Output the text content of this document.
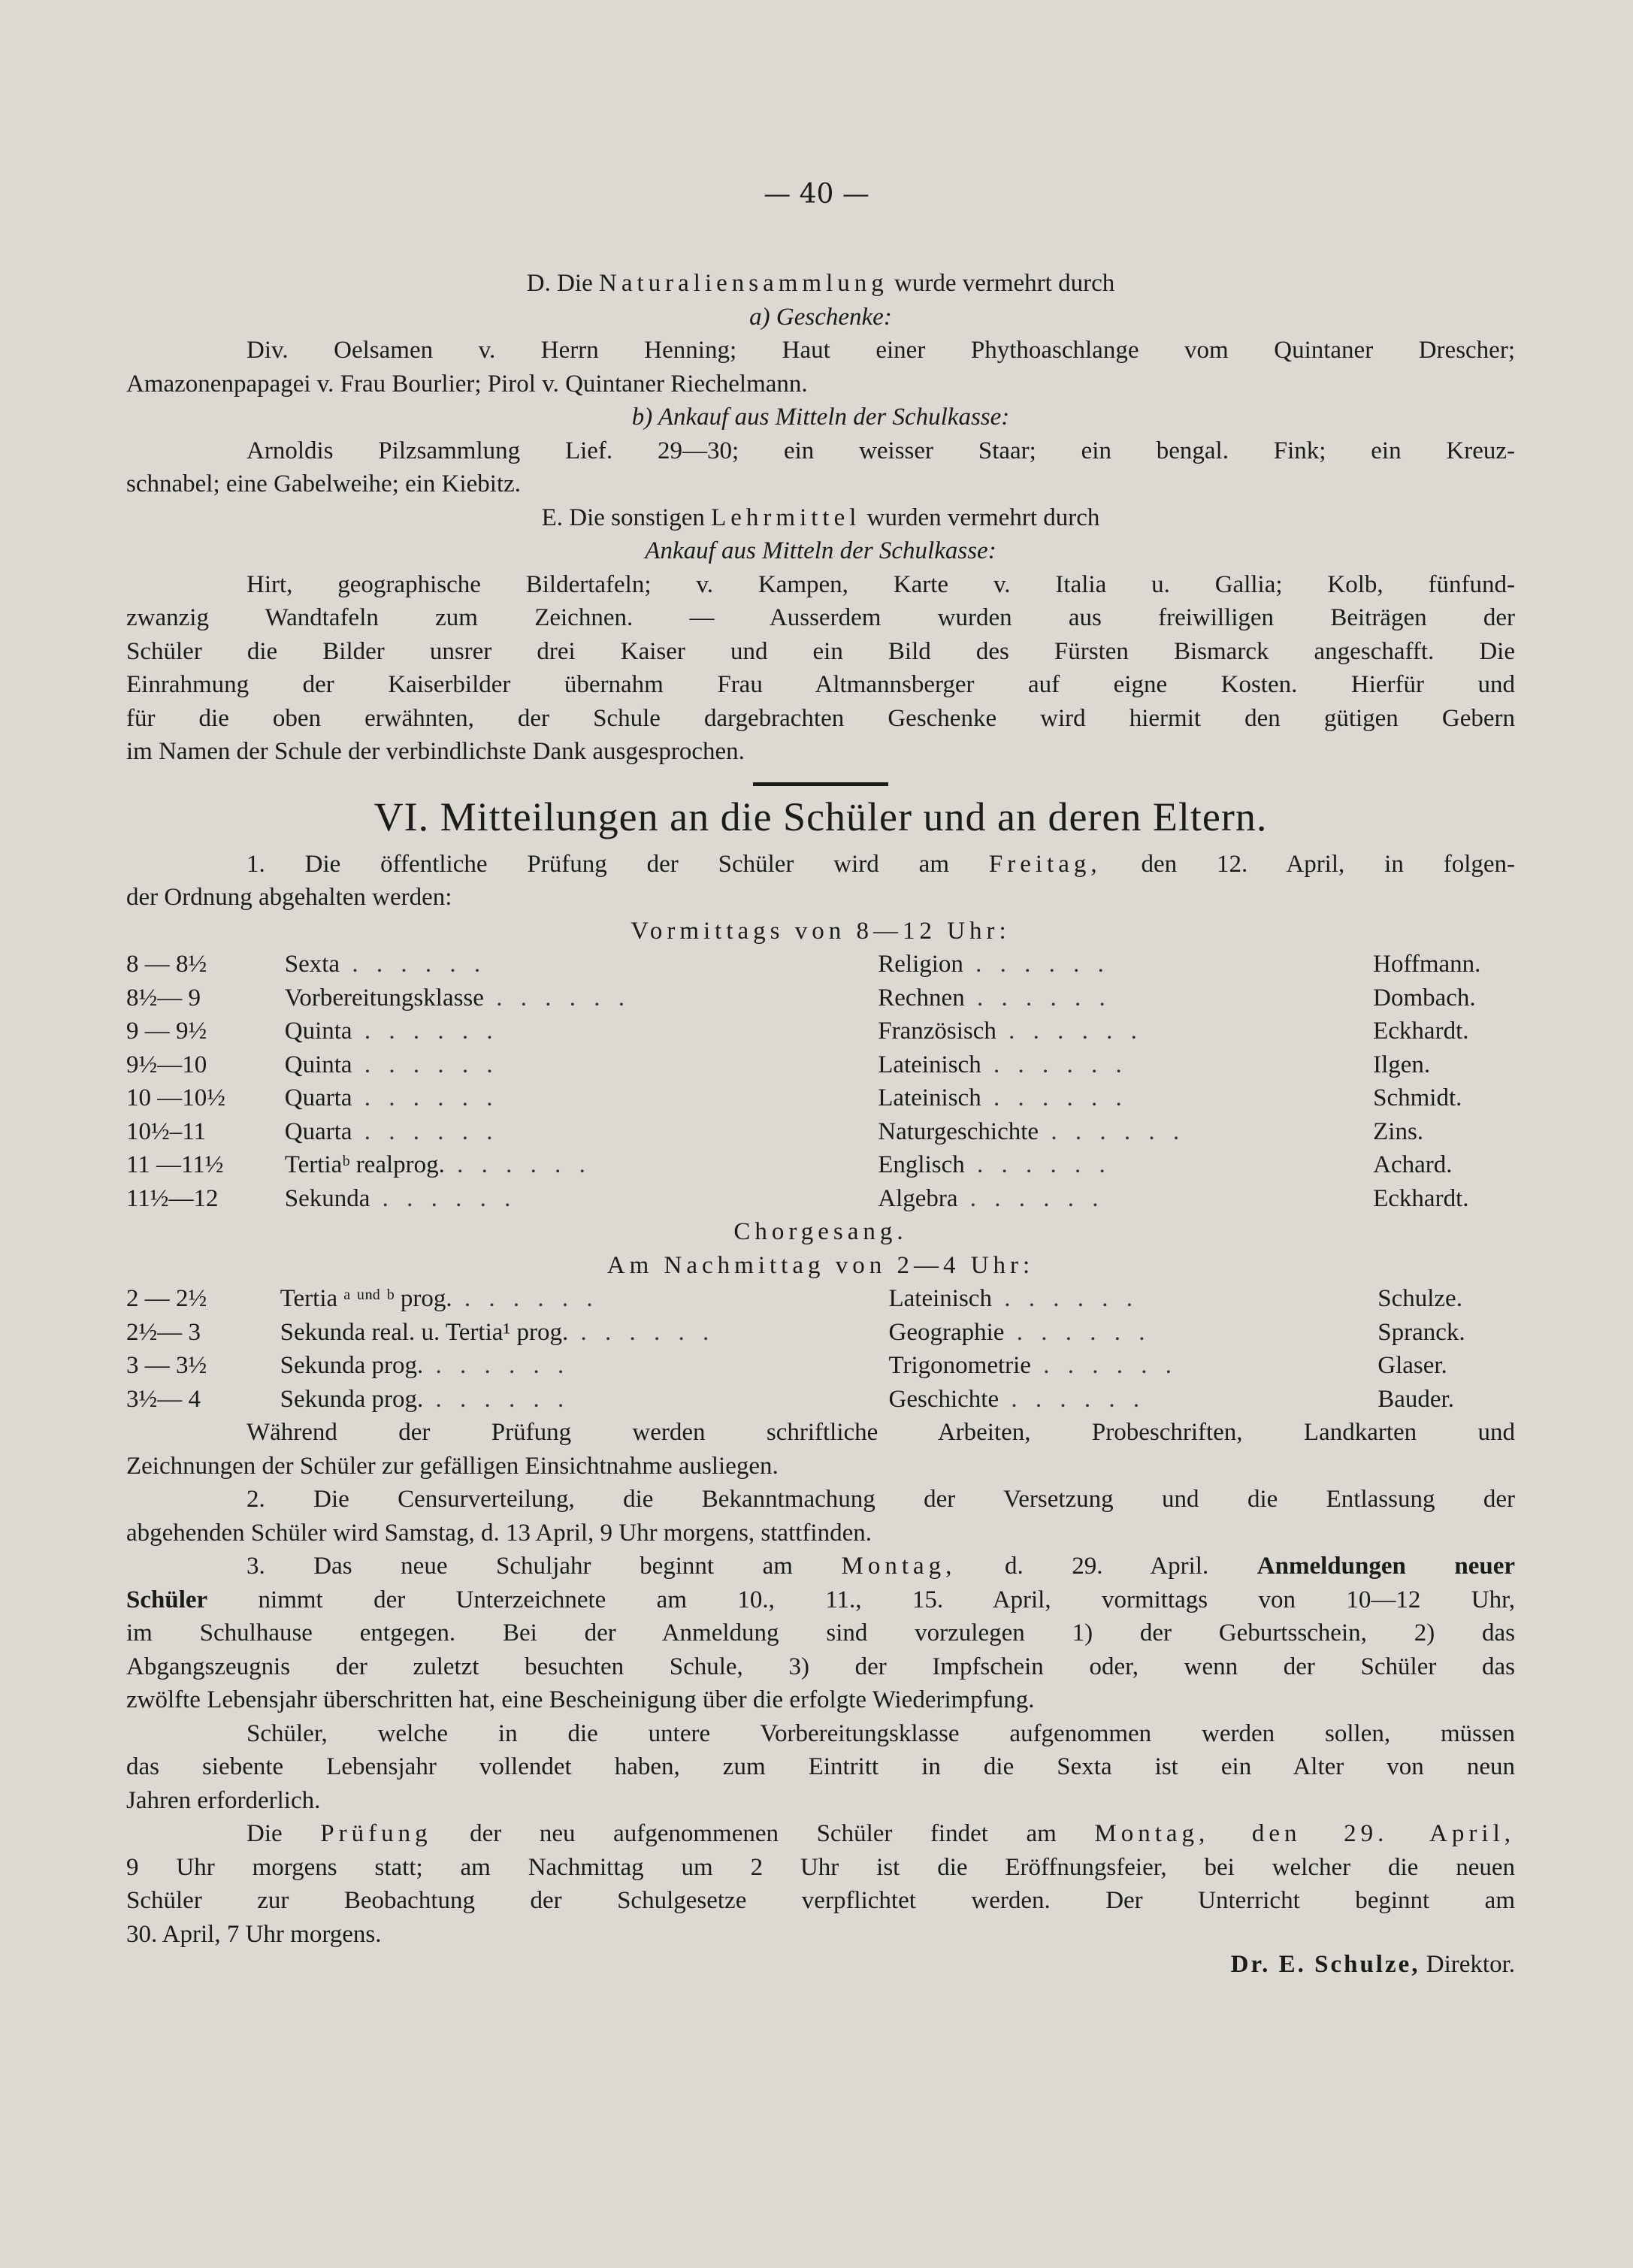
— 40 —

D. Die Naturaliensammlung wurde vermehrt durch

a) Geschenke:

Div. Oelsamen v. Herrn Henning; Haut einer Phythoaschlange vom Quintaner Drescher;

Amazonenpapagei v. Frau Bourlier; Pirol v. Quintaner Riechelmann.

b) Ankauf aus Mitteln der Schulkasse:

Arnoldis Pilzsammlung Lief. 29—30; ein weisser Staar; ein bengal. Fink; ein Kreuz-

schnabel; eine Gabelweihe; ein Kiebitz.

E. Die sonstigen Lehrmittel wurden vermehrt durch

Ankauf aus Mitteln der Schulkasse:

Hirt, geographische Bildertafeln; v. Kampen, Karte v. Italia u. Gallia; Kolb, fünfund-

zwanzig Wandtafeln zum Zeichnen. — Ausserdem wurden aus freiwilligen Beiträgen der

Schüler die Bilder unsrer drei Kaiser und ein Bild des Fürsten Bismarck angeschafft. Die

Einrahmung der Kaiserbilder übernahm Frau Altmannsberger auf eigne Kosten. Hierfür und

für die oben erwähnten, der Schule dargebrachten Geschenke wird hiermit den gütigen Gebern

im Namen der Schule der verbindlichste Dank ausgesprochen.

VI. Mitteilungen an die Schüler und an deren Eltern.

1. Die öffentliche Prüfung der Schüler wird am Freitag, den 12. April, in folgen-

der Ordnung abgehalten werden:

Vormittags von 8—12 Uhr:

8 — 8½	Sexta . . . . . .	Religion . . . . . .	Hoffmann.
8½— 9	Vorbereitungsklasse . . . . . .	Rechnen . . . . . .	Dombach.
9 — 9½	Quinta . . . . . .	Französisch . . . . . .	Eckhardt.
9½—10	Quinta . . . . . .	Lateinisch . . . . . .	Ilgen.
10 —10½	Quarta . . . . . .	Lateinisch . . . . . .	Schmidt.
10½–11	Quarta . . . . . .	Naturgeschichte . . . . . .	Zins.
11 —11½	Tertiaᵇ realprog. . . . . . .	Englisch . . . . . .	Achard.
11½—12	Sekunda . . . . . .	Algebra . . . . . .	Eckhardt.

Chorgesang.

Am Nachmittag von 2—4 Uhr:

2 — 2½	Tertia ᵃ ᵘⁿᵈ ᵇ prog. . . . . . .	Lateinisch . . . . . .	Schulze.
2½— 3	Sekunda real. u. Tertia¹ prog. . . . . . .	Geographie . . . . . .	Spranck.
3 — 3½	Sekunda prog. . . . . . .	Trigonometrie . . . . . .	Glaser.
3½— 4	Sekunda prog. . . . . . .	Geschichte . . . . . .	Bauder.

Während der Prüfung werden schriftliche Arbeiten, Probeschriften, Landkarten und

Zeichnungen der Schüler zur gefälligen Einsichtnahme ausliegen.

2. Die Censurverteilung, die Bekanntmachung der Versetzung und die Entlassung der

abgehenden Schüler wird Samstag, d. 13 April, 9 Uhr morgens, stattfinden.

3. Das neue Schuljahr beginnt am Montag, d. 29. April. Anmeldungen neuer

Schüler nimmt der Unterzeichnete am 10., 11., 15. April, vormittags von 10—12 Uhr,

im Schulhause entgegen. Bei der Anmeldung sind vorzulegen 1) der Geburtsschein, 2) das

Abgangszeugnis der zuletzt besuchten Schule, 3) der Impfschein oder, wenn der Schüler das

zwölfte Lebensjahr überschritten hat, eine Bescheinigung über die erfolgte Wiederimpfung.

Schüler, welche in die untere Vorbereitungsklasse aufgenommen werden sollen, müssen

das siebente Lebensjahr vollendet haben, zum Eintritt in die Sexta ist ein Alter von neun

Jahren erforderlich.

Die Prüfung der neu aufgenommenen Schüler findet am Montag, den 29. April,

9 Uhr morgens statt; am Nachmittag um 2 Uhr ist die Eröffnungsfeier, bei welcher die neuen

Schüler zur Beobachtung der Schulgesetze verpflichtet werden. Der Unterricht beginnt am

30. April, 7 Uhr morgens.

Dr. E. Schulze, Direktor.
